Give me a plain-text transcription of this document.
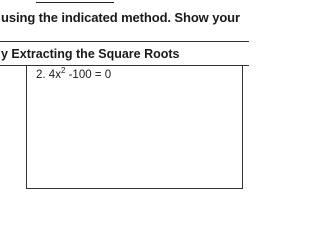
using the indicated method. Show your
y Extracting the Square Roots
2. $4x^2$ -100 = 0
